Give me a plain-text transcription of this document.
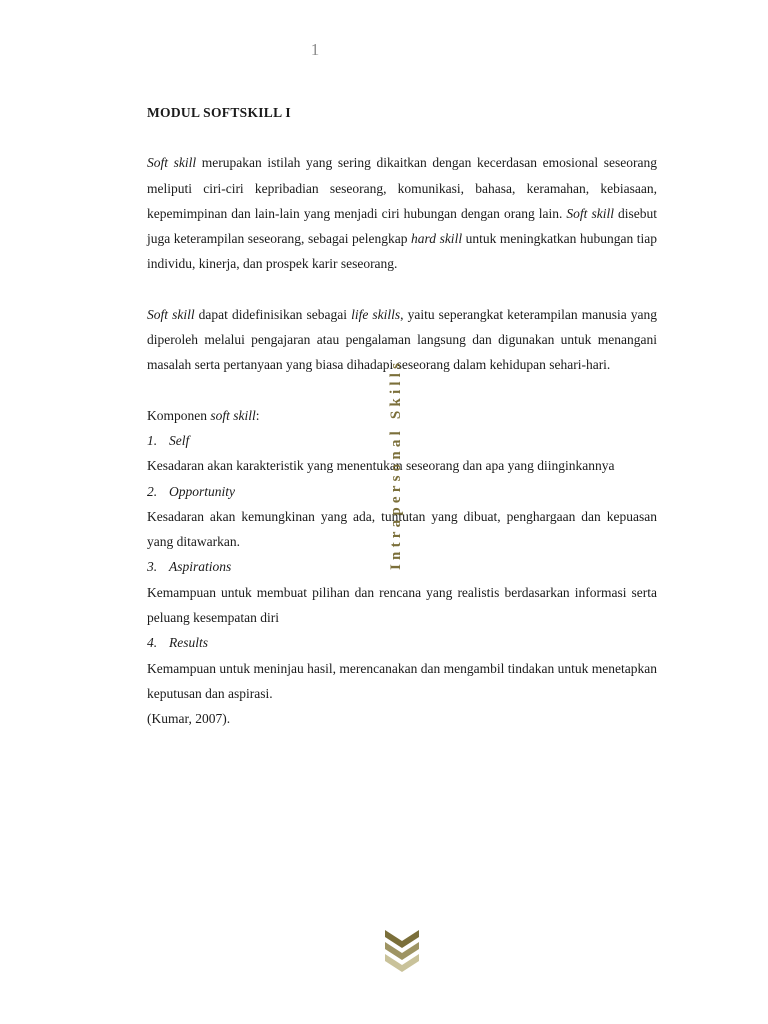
1
MODUL SOFTSKILL I
Soft skill merupakan istilah yang sering dikaitkan dengan kecerdasan emosional seseorang meliputi ciri-ciri kepribadian seseorang, komunikasi, bahasa, keramahan, kebiasaan, kepemimpinan dan lain-lain yang menjadi ciri hubungan dengan orang lain. Soft skill disebut juga keterampilan seseorang, sebagai pelengkap hard skill untuk meningkatkan hubungan tiap individu, kinerja, dan prospek karir seseorang.
Soft skill dapat didefinisikan sebagai life skills, yaitu seperangkat keterampilan manusia yang diperoleh melalui pengajaran atau pengalaman langsung dan digunakan untuk menangani masalah serta pertanyaan yang biasa dihadapi seseorang dalam kehidupan sehari-hari.
Komponen soft skill:
1. Self
Kesadaran akan karakteristik yang menentukan seseorang dan apa yang diinginkannya
2. Opportunity
Kesadaran akan kemungkinan yang ada, tuntutan yang dibuat, penghargaan dan kepuasan yang ditawarkan.
3. Aspirations
Kemampuan untuk membuat pilihan dan rencana yang realistis berdasarkan informasi serta peluang kesempatan diri
4. Results
Kemampuan untuk meninjau hasil, merencanakan dan mengambil tindakan untuk menetapkan keputusan dan aspirasi.
(Kumar, 2007).
Intrapersonal Skills
